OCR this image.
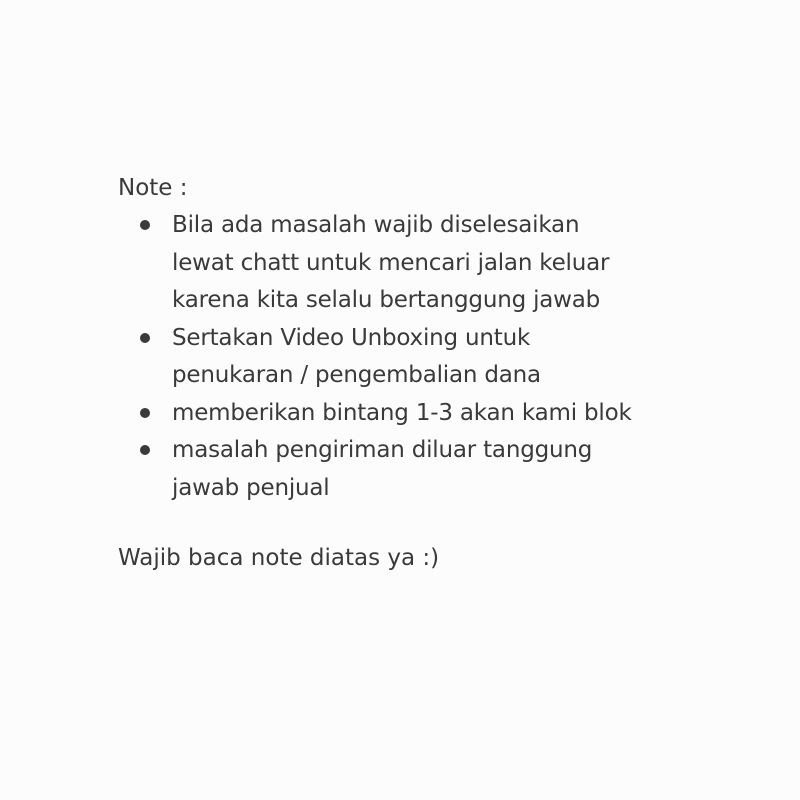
Note :

Bila ada masalah wajib diselesaikan
lewat chatt untuk mencari jalan keluar
karena kita selalu bertanggung jawab
Sertakan Video Unboxing untuk
penukaran / pengembalian dana
memberikan bintang 1-3 akan kami blok
masalah pengiriman diluar tanggung
jawab penjual

Wajib baca note diatas ya :)
